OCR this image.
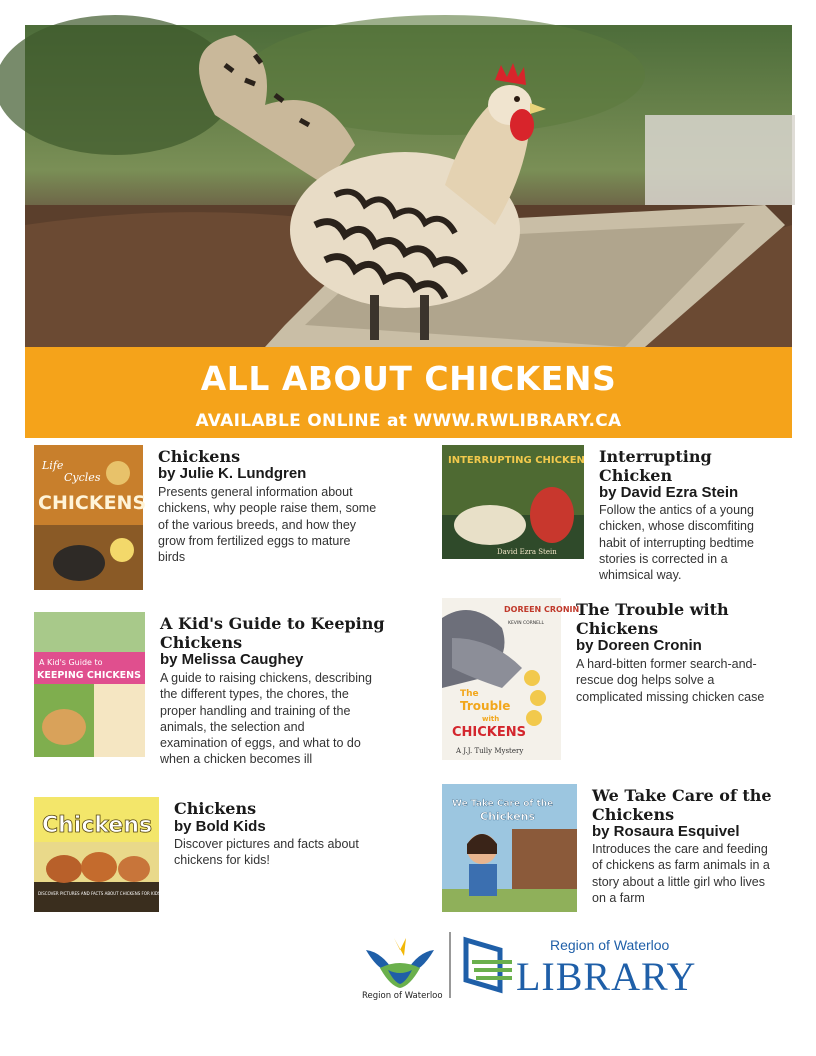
ALL ABOUT CHICKENS
AVAILABLE ONLINE at WWW.RWLIBRARY.CA
Life
Cycles
CHICKENS
Chickens
by Julie K. Lundgren
Presents general information about chickens, why people raise them, some of the various breeds, and how they grow from fertilized eggs to mature birds
A Kid's Guide to
KEEPING CHICKENS
A Kid's Guide to Keeping Chickens
by Melissa Caughey
A guide to raising chickens, describing the different types, the chores, the proper handling and training of the animals, the selection and examination of eggs, and what to do when a chicken becomes ill
Chickens
DISCOVER PICTURES AND FACTS ABOUT CHICKENS FOR KIDS!
Chickens
by Bold Kids
Discover pictures and facts about chickens for kids!
INTERRUPTING CHICKEN
David Ezra Stein
Interrupting Chicken
by David Ezra Stein
Follow the antics of a young chicken, whose discomfiting habit of interrupting bedtime stories is corrected in a whimsical way.
DOREEN CRONIN
KEVIN CORNELL
The
Trouble
with
CHICKENS
A J.J. Tully Mystery
The Trouble with Chickens
by Doreen Cronin
A hard-bitten former search-and-rescue dog helps solve a complicated missing chicken case
We Take Care of the
Chickens
We Take Care of the Chickens
by Rosaura Esquivel
Introduces the care and feeding of chickens as farm animals in a story about a little girl who lives on a farm
Region of Waterloo
Region of Waterloo
LIBRARY
